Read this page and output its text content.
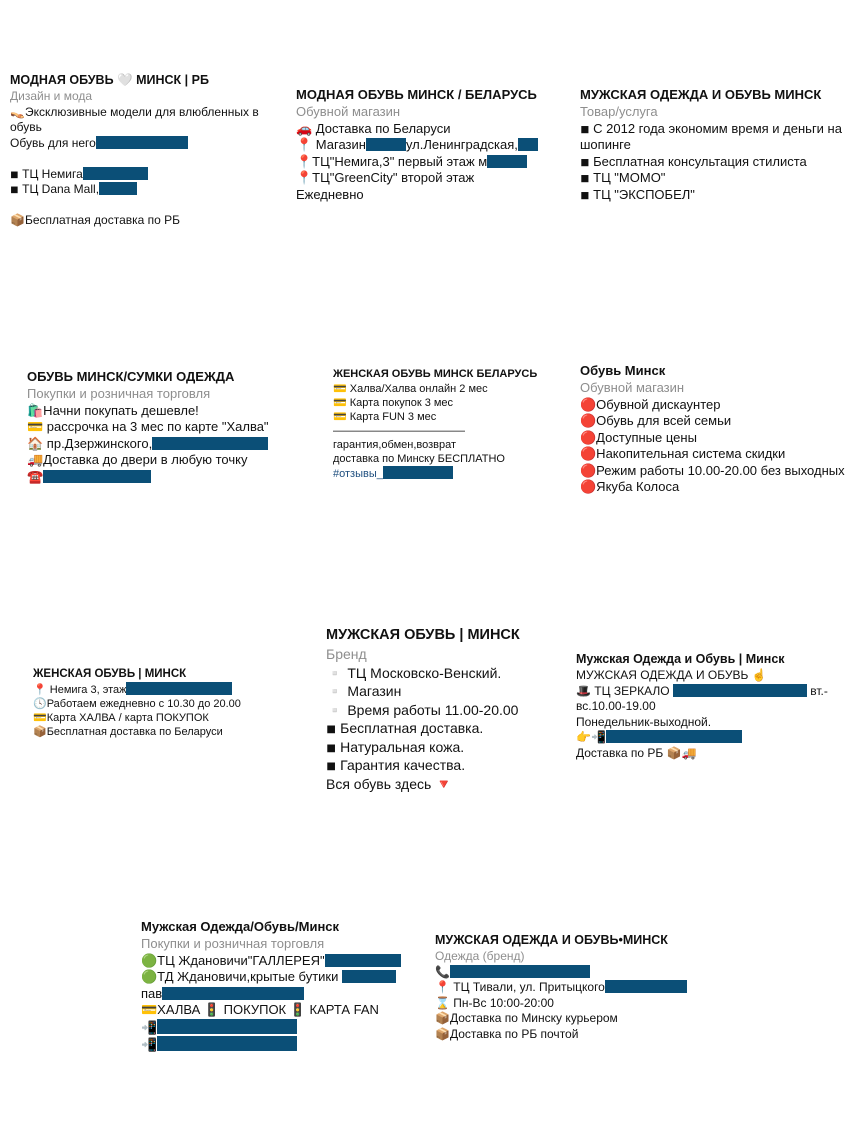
МОДНАЯ ОБУВЬ 🤍 МИНСК | РБ
Дизайн и мода
👡Эксклюзивные модели для влюбленных в обувь
Обувь для него
◾ ТЦ Немига
◾ ТЦ Dana Mall,
📦Бесплатная доставка по РБ
МОДНАЯ ОБУВЬ МИНСК / БЕЛАРУСЬ
Обувной магазин
🚗 Доставка по Беларуси
📍 Магазин	ул.Ленинградская,
📍ТЦ"Немига,3" первый этаж м
📍ТЦ"GreenCity" второй этаж
Ежедневно
МУЖСКАЯ ОДЕЖДА И ОБУВЬ МИНСК
Товар/услуга
◾ С 2012 года экономим время и деньги на шопинге
◾ Бесплатная консультация стилиста
◾ ТЦ "МОМО"
◾ ТЦ "ЭКСПОБЕЛ"
ОБУВЬ МИНСК/СУМКИ ОДЕЖДА
Покупки и розничная торговля
🛍️Начни покупать дешевле!
💳 рассрочка на 3 мес по карте "Халва"
🏠 пр.Дзержинского,
🚚Доставка до двери в любую точку
☎️
ЖЕНСКАЯ ОБУВЬ МИНСК БЕЛАРУСЬ
💳 Халва/Халва онлайн 2 мес
💳 Карта покупок 3 мес
💳 Карта FUN 3 мес
————————————
гарантия,обмен,возврат
доставка по Минску БЕСПЛАТНО
#отзывы_
Обувь Минск
Обувной магазин
🔴Обувной дискаунтер
🔴Обувь для всей семьи
🔴Доступные цены
🔴Накопительная система скидки
🔴Режим работы 10.00-20.00 без выходных
🔴Якуба Колоса
ЖЕНСКАЯ ОБУВЬ | МИНСК
📍 Немига 3, этаж
🕓Работаем ежедневно с 10.30 до 20.00
💳Карта ХАЛВА / карта ПОКУПОК
📦Бесплатная доставка по Беларуси
МУЖСКАЯ ОБУВЬ | МИНСК
Бренд
▫️ ТЦ Московско-Венский.
▫️ Магазин
▫️ Время работы 11.00-20.00
◾ Бесплатная доставка.
◾ Натуральная кожа.
◾ Гарантия качества.
Вся обувь здесь 🔻
Мужская Одежда и Обувь | Минск
МУЖСКАЯ ОДЕЖДА И ОБУВЬ ☝️
🎩 ТЦ ЗЕРКАЛО	вт.-
вс.10.00-19.00
Понедельник-выходной.
👉📲
Доставка по РБ 📦🚚
Мужская Одежда/Обувь/Минск
Покупки и розничная торговля
🟢ТЦ Ждановичи"ГАЛЛЕРЕЯ"
🟢ТД Ждановичи,крытые бутики
пав
💳ХАЛВА 🚦 ПОКУПОК 🚦 КАРТА FAN
📲
📲
МУЖСКАЯ ОДЕЖДА И ОБУВЬ•МИНСК
Одежда (бренд)
📞
📍 ТЦ Тивали, ул. Притыцкого
⌛ Пн-Вс 10:00-20:00
📦Доставка по Минску курьером
📦Доставка по РБ почтой
